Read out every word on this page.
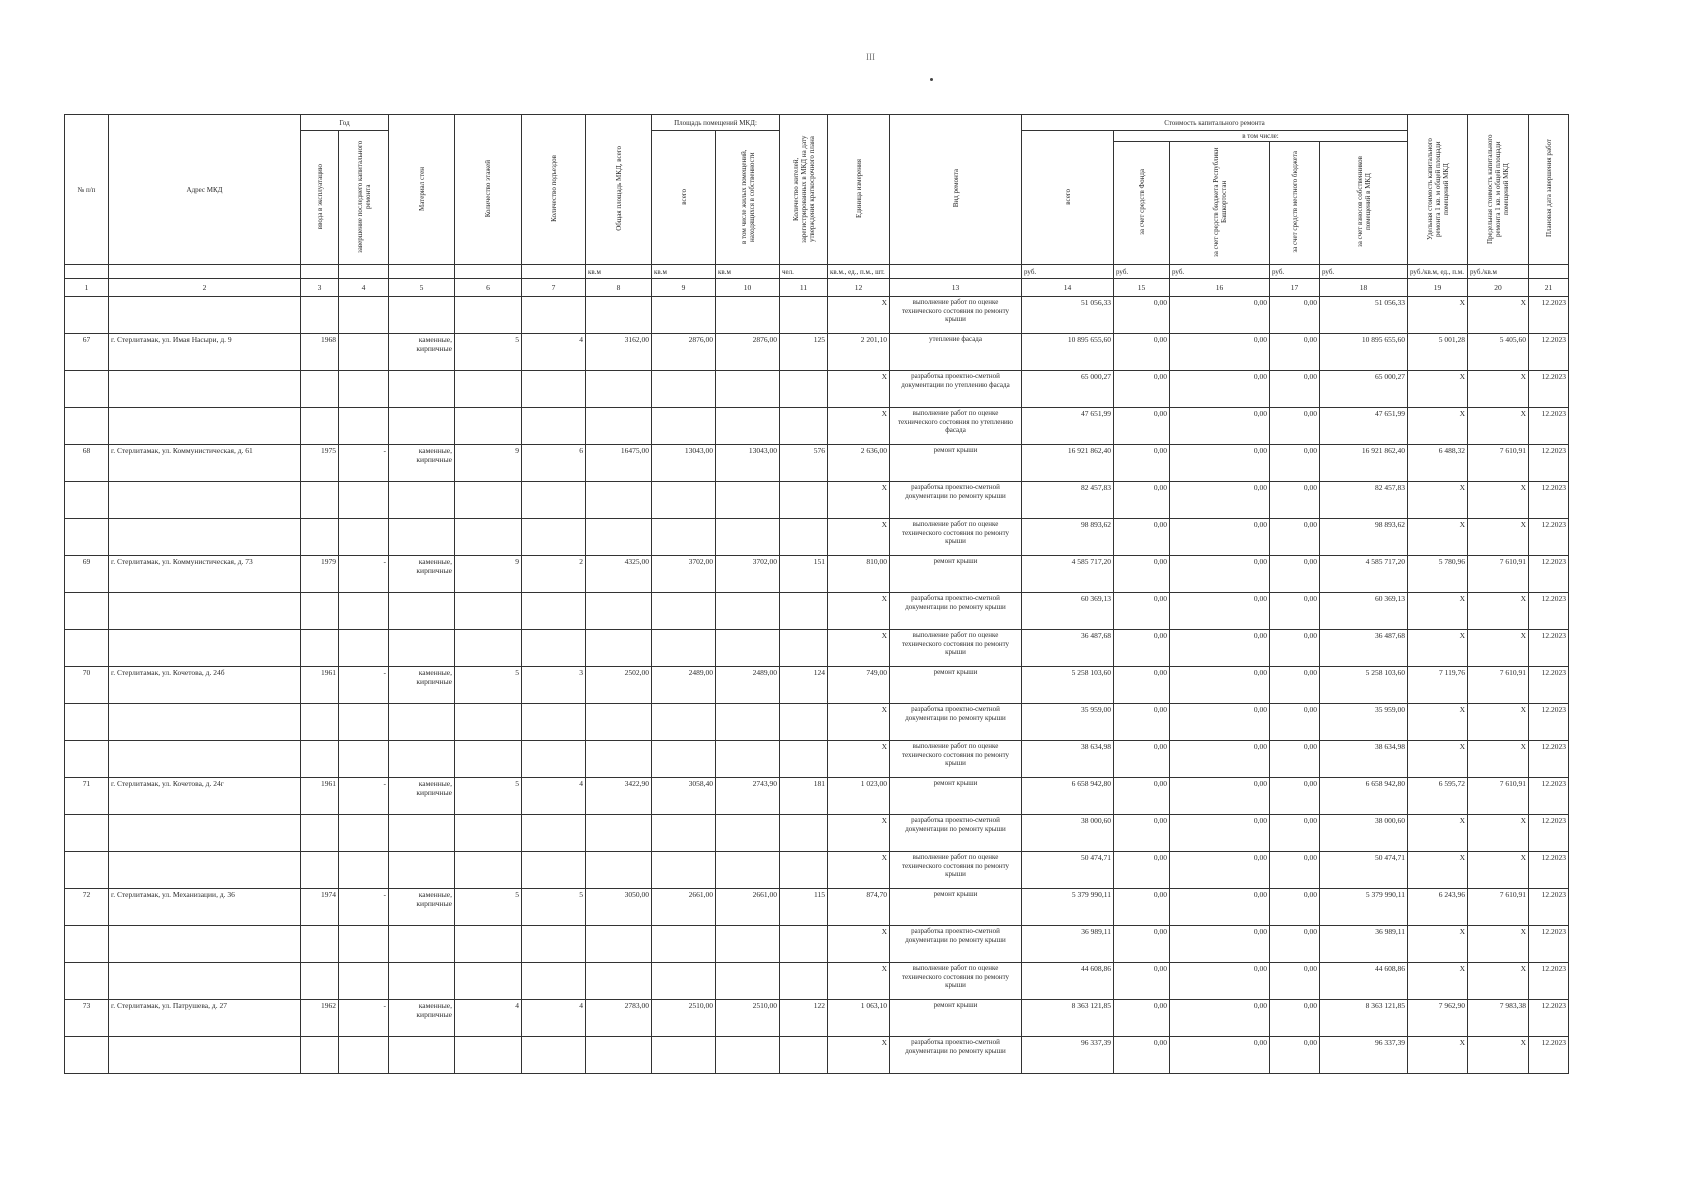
III
№ п/п	Адрес МКД	Год		Материал стен	Количество этажей	Количество подъездов	Общая площадь МКД, всего	Площадь помещений МКД:		Количество жителей, зарегистрированных в МКД на дату утверждения краткосрочного плана	Единица измерения	Вид ремонта	Стоимость капитального ремонта					Удельная стоимость капитального ремонта 1 кв. м общей площади помещений МКД	Предельная стоимость капитального ремонта 1 кв. м общей площади помещений МКД	Плановая дата завершения работ
		ввода в эксплуатацию	завершение последнего капитального ремонта					всего	в том числе жилых помещений, находящихся в собственности				всего	в том числе:						
														за счет средств Фонда	за счет средств бюджета Республики Башкортостан	за счет средств местного бюджета	за счет взносов собственников помещений в МКД			
							кв.м	кв.м	кв.м	чел.	кв.м., ед., п.м., шт.		руб.	руб.	руб.	руб.	руб.	руб./кв.м, ед., п.м.	руб./кв.м	
1	2	3	4	5	6	7	8	9	10	11	12	13	14	15	16	17	18	19	20	21
											X	выполнение работ по оценке технического состояния по ремонту крыши	51 056,33	0,00	0,00	0,00	51 056,33	X	X	12.2023
67	г. Стерлитамак, ул. Имая Насыри, д. 9	1968		каменные, кирпичные	5	4	3162,00	2876,00	2876,00	125	2 201,10	утепление фасада	10 895 655,60	0,00	0,00	0,00	10 895 655,60	5 001,28	5 405,60	12.2023
											X	разработка проектно-сметной документации по утеплению фасада	65 000,27	0,00	0,00	0,00	65 000,27	X	X	12.2023
											X	выполнение работ по оценке технического состояния по утеплению фасада	47 651,99	0,00	0,00	0,00	47 651,99	X	X	12.2023
68	г. Стерлитамак, ул. Коммунистическая, д. 61	1975	-	каменные, кирпичные	9	6	16475,00	13043,00	13043,00	576	2 636,00	ремонт крыши	16 921 862,40	0,00	0,00	0,00	16 921 862,40	6 488,32	7 610,91	12.2023
											X	разработка проектно-сметной документации по ремонту крыши	82 457,83	0,00	0,00	0,00	82 457,83	X	X	12.2023
											X	выполнение работ по оценке технического состояния по ремонту крыши	98 893,62	0,00	0,00	0,00	98 893,62	X	X	12.2023
69	г. Стерлитамак, ул. Коммунистическая, д. 73	1979	-	каменные, кирпичные	9	2	4325,00	3702,00	3702,00	151	810,00	ремонт крыши	4 585 717,20	0,00	0,00	0,00	4 585 717,20	5 780,96	7 610,91	12.2023
											X	разработка проектно-сметной документации по ремонту крыши	60 369,13	0,00	0,00	0,00	60 369,13	X	X	12.2023
											X	выполнение работ по оценке технического состояния по ремонту крыши	36 487,68	0,00	0,00	0,00	36 487,68	X	X	12.2023
70	г. Стерлитамак, ул. Кочетова, д. 24б	1961	-	каменные, кирпичные	5	3	2502,00	2489,00	2489,00	124	749,00	ремонт крыши	5 258 103,60	0,00	0,00	0,00	5 258 103,60	7 119,76	7 610,91	12.2023
											X	разработка проектно-сметной документации по ремонту крыши	35 959,00	0,00	0,00	0,00	35 959,00	X	X	12.2023
											X	выполнение работ по оценке технического состояния по ремонту крыши	38 634,98	0,00	0,00	0,00	38 634,98	X	X	12.2023
71	г. Стерлитамак, ул. Кочетова, д. 24г	1961	-	каменные, кирпичные	5	4	3422,90	3058,40	2743,90	181	1 023,00	ремонт крыши	6 658 942,80	0,00	0,00	0,00	6 658 942,80	6 595,72	7 610,91	12.2023
											X	разработка проектно-сметной документации по ремонту крыши	38 000,60	0,00	0,00	0,00	38 000,60	X	X	12.2023
											X	выполнение работ по оценке технического состояния по ремонту крыши	50 474,71	0,00	0,00	0,00	50 474,71	X	X	12.2023
72	г. Стерлитамак, ул. Механизации, д. 36	1974	-	каменные, кирпичные	5	5	3050,00	2661,00	2661,00	115	874,70	ремонт крыши	5 379 990,11	0,00	0,00	0,00	5 379 990,11	6 243,96	7 610,91	12.2023
											X	разработка проектно-сметной документации по ремонту крыши	36 989,11	0,00	0,00	0,00	36 989,11	X	X	12.2023
											X	выполнение работ по оценке технического состояния по ремонту крыши	44 608,86	0,00	0,00	0,00	44 608,86	X	X	12.2023
73	г. Стерлитамак, ул. Патрушева, д. 27	1962	-	каменные, кирпичные	4	4	2783,00	2510,00	2510,00	122	1 063,10	ремонт крыши	8 363 121,85	0,00	0,00	0,00	8 363 121,85	7 962,90	7 983,38	12.2023
											X	разработка проектно-сметной документации по ремонту крыши	96 337,39	0,00	0,00	0,00	96 337,39	X	X	12.2023
